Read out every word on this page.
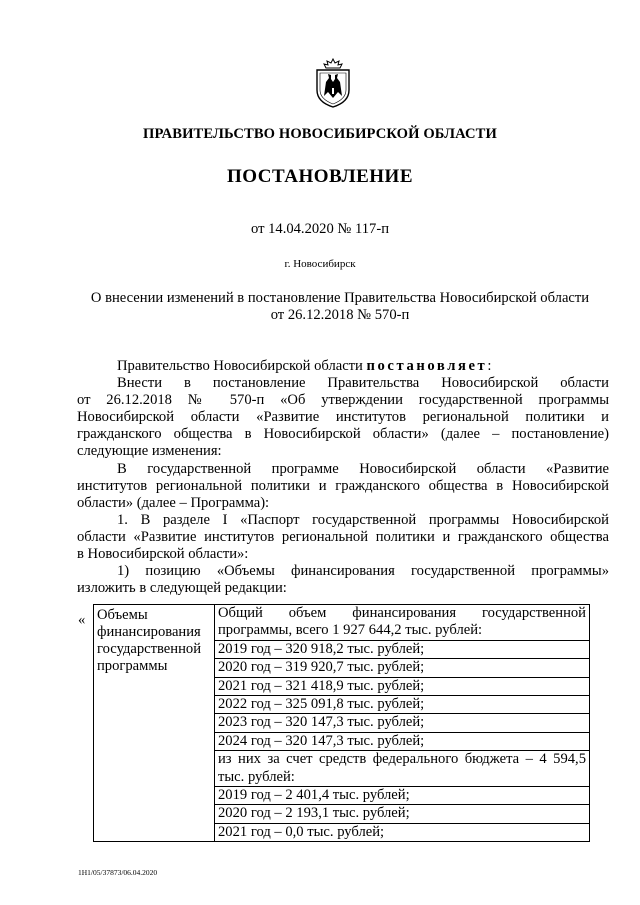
ПРАВИТЕЛЬСТВО НОВОСИБИРСКОЙ ОБЛАСТИ
ПОСТАНОВЛЕНИЕ
от 14.04.2020 № 117-п
г. Новосибирск
О внесении изменений в постановление Правительства Новосибирской области
от 26.12.2018 № 570-п

Правительство Новосибирской области постановляет:

Внести в постановление Правительства Новосибирской области

от 26.12.2018 № 570-п «Об утверждении государственной программы

Новосибирской области «Развитие институтов региональной политики и

гражданского общества в Новосибирской области» (далее – постановление)

следующие изменения:

В государственной программе Новосибирской области «Развитие

институтов региональной политики и гражданского общества в Новосибирской

области» (далее – Программа):

1. В разделе I «Паспорт государственной программы Новосибирской

области «Развитие институтов региональной политики и гражданского общества

в Новосибирской области»:

1) позицию «Объемы финансирования государственной программы»

изложить в следующей редакции:

« Объемы
финансирования
государственной
программы

Общий объем финансирования государственной
программы, всего 1 927 644,2 тыс. рублей:
2019 год – 320 918,2 тыс. рублей;
2020 год – 319 920,7 тыс. рублей;
2021 год – 321 418,9 тыс. рублей;
2022 год – 325 091,8 тыс. рублей;
2023 год – 320 147,3 тыс. рублей;
2024 год – 320 147,3 тыс. рублей;
из них за счет средств федерального бюджета – 4 594,5
тыс. рублей:
2019 год – 2 401,4 тыс. рублей;
2020 год – 2 193,1 тыс. рублей;
2021 год – 0,0 тыс. рублей;
1Н1/05/37873/06.04.2020
